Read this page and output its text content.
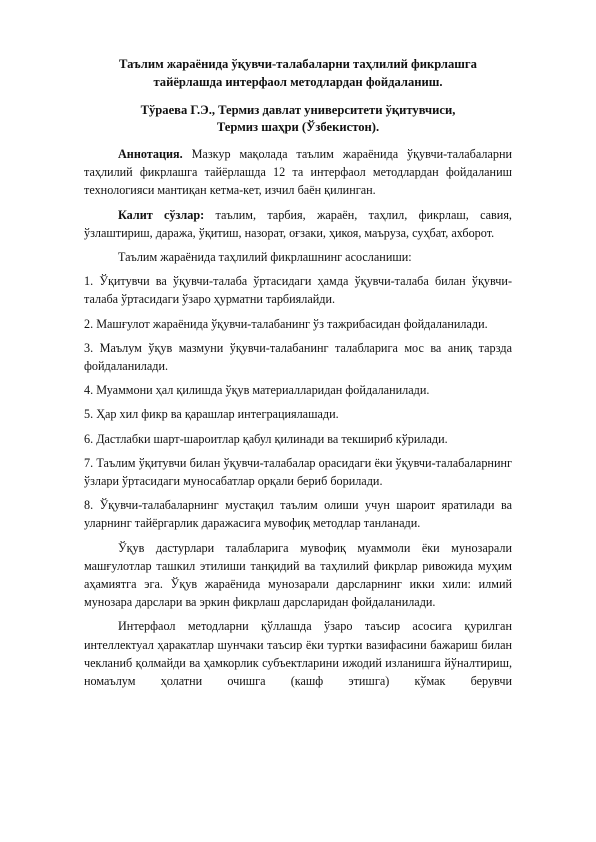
Таълим жараёнида ўқувчи-талабаларни таҳлилий фикрлашга
тайёрлашда интерфаол методлардан фойдаланиш.
Тўраева Г.Э., Термиз давлат университети ўқитувчиси,
Термиз шаҳри (Ўзбекистон).

Аннотация. Мазкур мақолада таълим жараёнида ўқувчи-талабаларни таҳлилий фикрлашга тайёрлашда 12 та интерфаол методлардан фойдаланиш технологияси мантиқан кетма-кет, изчил баён қилинган.

Калит сўзлар: таълим, тарбия, жараён, таҳлил, фикрлаш, савия, ўзлаштириш, даража, ўқитиш, назорат, оғзаки, ҳикоя, маъруза, суҳбат, ахборот.

Таълим жараёнида таҳлилий фикрлашнинг асосланиши:

1. Ўқитувчи ва ўқувчи-талаба ўртасидаги ҳамда ўқувчи-талаба билан ўқувчи-талаба ўртасидаги ўзаро ҳурматни тарбиялайди.

2. Машғулот жараёнида ўқувчи-талабанинг ўз тажрибасидан фойдаланилади.

3. Маълум ўқув мазмуни ўқувчи-талабанинг талабларига мос ва аниқ тарзда фойдаланилади.

4. Муаммони ҳал қилишда ўқув материалларидан фойдаланилади.

5. Ҳар хил фикр ва қарашлар интеграциялашади.

6. Дастлабки шарт-шароитлар қабул қилинади ва текшириб кўрилади.

7. Таълим ўқитувчи билан ўқувчи-талабалар орасидаги ёки ўқувчи-талабаларнинг ўзлари ўртасидаги муносабатлар орқали бериб борилади.

8. Ўқувчи-талабаларнинг мустақил таълим олиши учун шароит яратилади ва уларнинг тайёргарлик даражасига мувофиқ методлар танланади.

Ўқув дастурлари талабларига мувофиқ муаммоли ёки мунозарали машғулотлар ташкил этилиши танқидий ва таҳлилий фикрлар ривожида муҳим аҳамиятга эга. Ўқув жараёнида мунозарали дарсларнинг икки хили: илмий мунозара дарслари ва эркин фикрлаш дарсларидан фойдаланилади.

Интерфаол методларни қўллашда ўзаро таъсир асосига қурилган интеллектуал ҳаракатлар шунчаки таъсир ёки туртки вазифасини бажариш билан чекланиб қолмайди ва ҳамкорлик субъектларини ижодий изланишга йўналтириш, номаълум ҳолатни очишга (кашф этишга) кўмак берувчи
